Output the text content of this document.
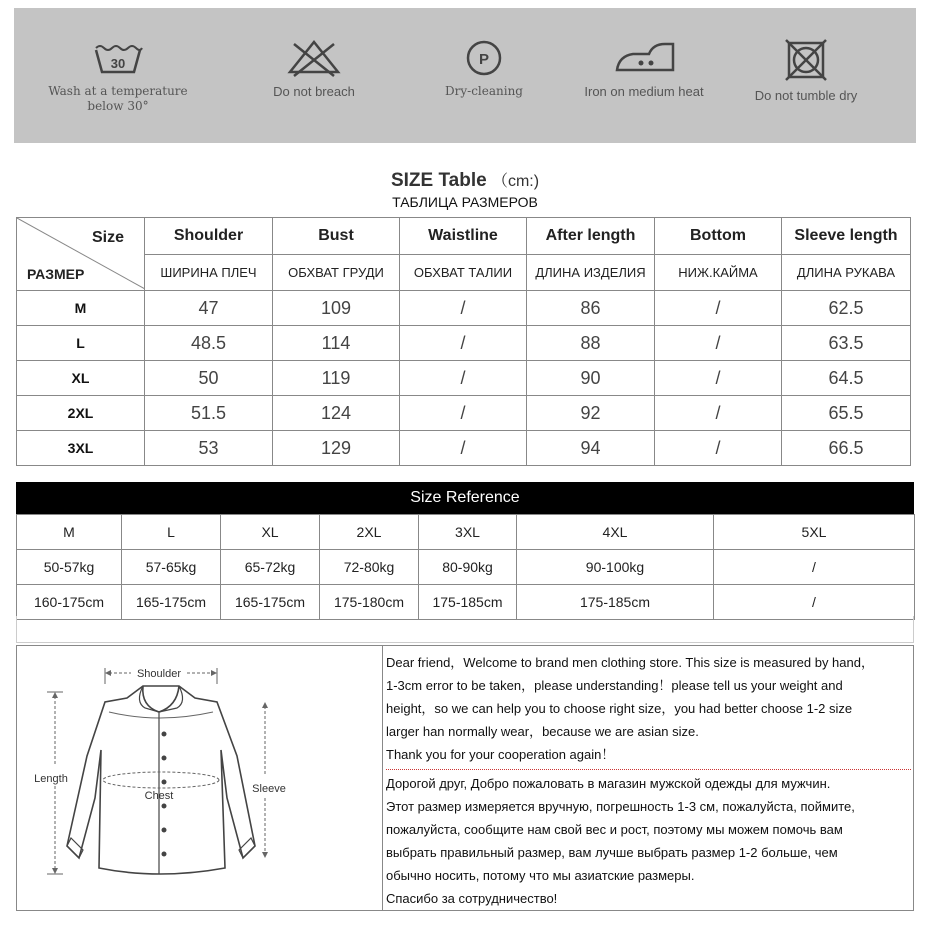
30
Wash at a temperature below 30°
Do not breach
P
Dry-cleaning	Iron on medium heat	Do not tumble dry
SIZE Table （cm:)
ТАБЛИЦА РАЗМЕРОВ
Size
РАЗМЕР	Shoulder	Bust	Waistline	After length	Bottom	Sleeve length
	ШИРИНА ПЛЕЧ	ОБХВАТ ГРУДИ	ОБХВАТ ТАЛИИ	ДЛИНА ИЗДЕЛИЯ	НИЖ.КАЙМА	ДЛИНА РУКАВА
M	47	109	/	86	/	62.5
L	48.5	114	/	88	/	63.5
XL	50	119	/	90	/	64.5
2XL	51.5	124	/	92	/	65.5
3XL	53	129	/	94	/	66.5
Size Reference
M	L	XL	2XL	3XL	4XL	5XL
50-57kg	57-65kg	65-72kg	72-80kg	80-90kg	90-100kg	/
160-175cm	165-175cm	165-175cm	175-180cm	175-185cm	175-185cm	/
Shoulder
Chest
Length
Sleeve

Dear friend，Welcome to brand men clothing store. This size is measured by hand，

1-3cm error to be taken，please understanding！please tell us your weight and

height，so we can help you to choose right size，you had better choose 1-2 size

larger han normally wear，because we are asian size.

Thank you for your cooperation again！

Дорогой друг, Добро пожаловать в магазин мужской одежды для мужчин.

Этот размер измеряется вручную, погрешность 1-3 см, пожалуйста, поймите,

пожалуйста, сообщите нам свой вес и рост, поэтому мы можем помочь вам

выбрать правильный размер, вам лучше выбрать размер 1-2 больше, чем

обычно носить, потому что мы азиатские размеры.

Спасибо за сотрудничество!
